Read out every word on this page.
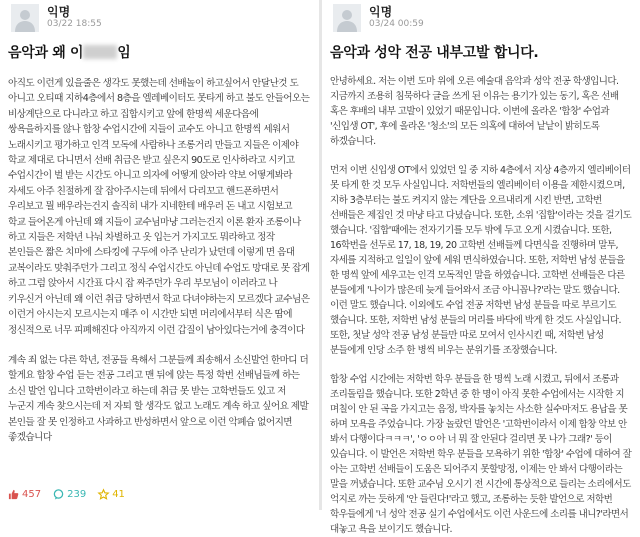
익명
03/22 18:55
음악과 왜 이 임

아직도 이런게 있을줄은 생각도 못했는데 선배놀이 하고싶어서 안달난것 도 아니고 오티때 지하4층에서 8층을 엘레베이터도 못타게 하고 불도 안들어오는 비상계단으로 다니라고 하고 집합시키고 앞에 한명씩 세운다음에 쌍욕을하지를 않나 합창 수업시간에 지들이 교수도 아니고 한명씩 세워서 노래시키고 평가하고 인격 모독에 사람하나 조롱거리 만들고 지들은 이제야 학교 제대로 다니면서 선배 취급은 받고 싶은지 90도로 인사하라고 시키고 수업시간이 벌 받는 시간도 아니고 의자에 어떻게 앉아라 약보 어떻게봐라 자세도 아주 친절하게 잘 잡아주시는데 뒤에서 다리꼬고 핸드폰하면서 우리보고 뭘 배우라는건지 솔직히 내가 지네한테 배우러 돈 내고 시험보고 학교 들어온게 아닌데 왜 지들이 교수님마냥 그러는건지 이론 환자 조롱이나 하고 지들은 저학년 나눠 차별하고 옷 입는거 가지고도 뭐라하고 정작 본인들은 짧은 치마에 스타킹에 구두에 아주 난리가 났던데 이렇게 면 음대 교복이라도 맞춰주던가 그리고 정식 수업시간도 아닌데 수업도 망대로 못 잡게 하고 그럼 앉아서 시간표 다시 잡 짜주던가 우리 부모님이 이러라고 나 키우신거 아닌데 왜 이런 취급 당하면서 학교 다녀야하는지 모르겠다 교수님은 이런거 아시는지 모르시는지 매주 이 시간만 되면 머리에서부터 식은 땀에 정신적으로 너무 피폐해진다 아직까지 이런 갑질이 남아있다는거에 충격이다

계속 죄 없는 다른 학년, 전공들 욕해서 그분들께 죄송해서 소신발언 한마디 더 할게요 합창 수업 듣는 전공 그리고 맨 뒤에 앉는 특정 학번 선배님들께 하는 소신 발언 입니다 고학번이라고 하는데 취급 못 받는 고학번들도 있고 저 누군지 계속 찾으시는데 저 자퇴 할 생각도 없고 노래도 계속 하고 싶어요 제발 본인들 잘 못 인정하고 사과하고 반성하면서 앞으로 이런 악폐습 없어지면 좋겠습니다

457	239	41
익명
03/24 00:59
음악과 성악 전공 내부고발 합니다.

안녕하세요. 저는 이번 도마 위에 오른 예술대 음악과 성악 전공 학생입니다. 지금까지 조용히 침묵하다 글을 쓰게 된 이유는 용기가 있는 동기, 혹은 선배 혹은 후배의 내부 고발이 있었기 때문입니다. 이번에 올라온 '합창' 수업과 '신입생 OT', 후에 올라온 '청소'의 모든 의혹에 대하여 낱낱이 밝히도록 하겠습니다.

먼저 이번 신입생 OT에서 있었던 일 중 지하 4층에서 지상 4층까지 엘리베이터 못 타게 한 것 모두 사실입니다. 저학번들의 엘리베이터 이용을 제한시켰으며, 지하 3층부터는 불도 켜지지 않는 계단을 오르내리게 시킨 반면, 고학번 선배들은 제집인 것 마냥 타고 다녔습니다. 또한, 소위 '집합'이라는 것을 걸기도 했습니다. '집합'때에는 전자기기를 모두 밖에 두고 오게 시켰습니다. 또한, 16학번을 선두로 17, 18, 19, 20 고학번 선배들께 다면식을 진행하며 말투, 자세를 지적하고 일일이 앞에 세워 면식하였습니다. 또한, 저학번 남성 분들을 한 명씩 앞에 세우고는 인격 모독적인 말을 하였습니다. 고학번 선배들은 다른 분들에게 '나이가 많은데 늦게 들어와서 조금 아니꼽나?'라는 말도 했습니다. 이런 말도 했습니다. 이외에도 수업 전공 저학번 남성 분들을 따로 부르기도 했습니다. 또한, 저학번 남성 분들의 머리를 바닥에 박게 한 것도 사실입니다. 또한, 첫날 성악 전공 남성 분들만 따로 모여서 인사시킨 때, 저학번 남성 분들에게 인당 소주 한 병씩 비우는 분위기를 조장했습니다.

합창 수업 시간에는 저학번 학우 분들을 한 명씩 노래 시켰고, 뒤에서 조롱과 조리돌림을 했습니다. 또한 2학년 중 한 명이 아직 못한 수업에서는 시작한 지 며칠이 안 된 곡을 가지고는 음정, 박자를 놓치는 사소한 실수마저도 용납을 못 하며 모욕을 주었습니다. 가장 놀랐던 발언은 '고학번이라서 이제 합창 악보 안 봐서 다행이다ㅋㅋㅋ', 'ㅇㅇ아 너 뭐 잘 안된다 걸리면 못 나가 그래?' 등이 있습니다. 이 발언은 저학번 학우 분들을 모욕하기 위한 '합창' 수업에 대하여 잘 아는 고학번 선배들이 도움은 되어주지 못할망정, 이제는 안 봐서 다행이라는 말을 꺼냈습니다. 또한 교수님 오시기 전 시간에 통상적으로 들리는 소리에서도 억지로 까는 듯하게 '안 들린다!'라고 했고, 조롱하는 듯한 발언으로 저학번 학우들에게 '너 성악 전공 실기 수업에서도 이런 사운드에 소리를 내니?'라면서 대놓고 욕을 보이기도 했습니다.
